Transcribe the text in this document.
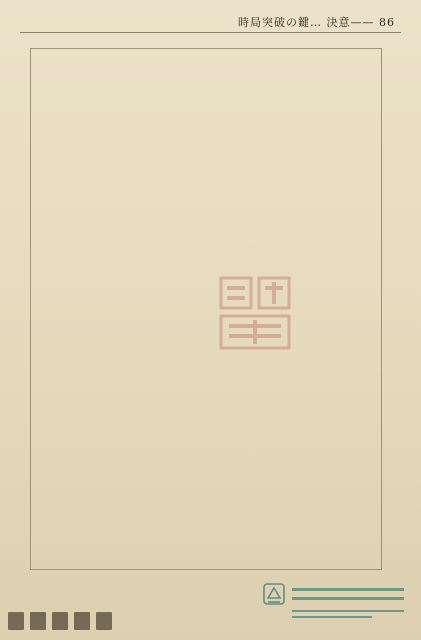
時局突破の鍵… 決意—— 86
